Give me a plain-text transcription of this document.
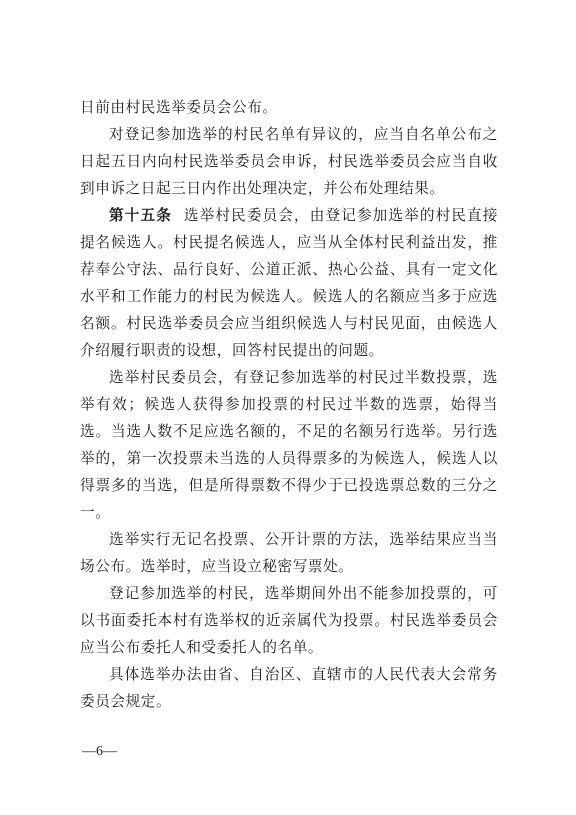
日前由村民选举委员会公布。

对登记参加选举的村民名单有异议的，应当自名单公布之日起五日内向村民选举委员会申诉，村民选举委员会应当自收到申诉之日起三日内作出处理决定，并公布处理结果。

第十五条 选举村民委员会，由登记参加选举的村民直接提名候选人。村民提名候选人，应当从全体村民利益出发，推荐奉公守法、品行良好、公道正派、热心公益、具有一定文化水平和工作能力的村民为候选人。候选人的名额应当多于应选名额。村民选举委员会应当组织候选人与村民见面，由候选人介绍履行职责的设想，回答村民提出的问题。

选举村民委员会，有登记参加选举的村民过半数投票，选举有效；候选人获得参加投票的村民过半数的选票，始得当选。当选人数不足应选名额的，不足的名额另行选举。另行选举的，第一次投票未当选的人员得票多的为候选人，候选人以得票多的当选，但是所得票数不得少于已投选票总数的三分之一。

选举实行无记名投票、公开计票的方法，选举结果应当当场公布。选举时，应当设立秘密写票处。

登记参加选举的村民，选举期间外出不能参加投票的，可以书面委托本村有选举权的近亲属代为投票。村民选举委员会应当公布委托人和受委托人的名单。

具体选举办法由省、自治区、直辖市的人民代表大会常务委员会规定。

—6—
